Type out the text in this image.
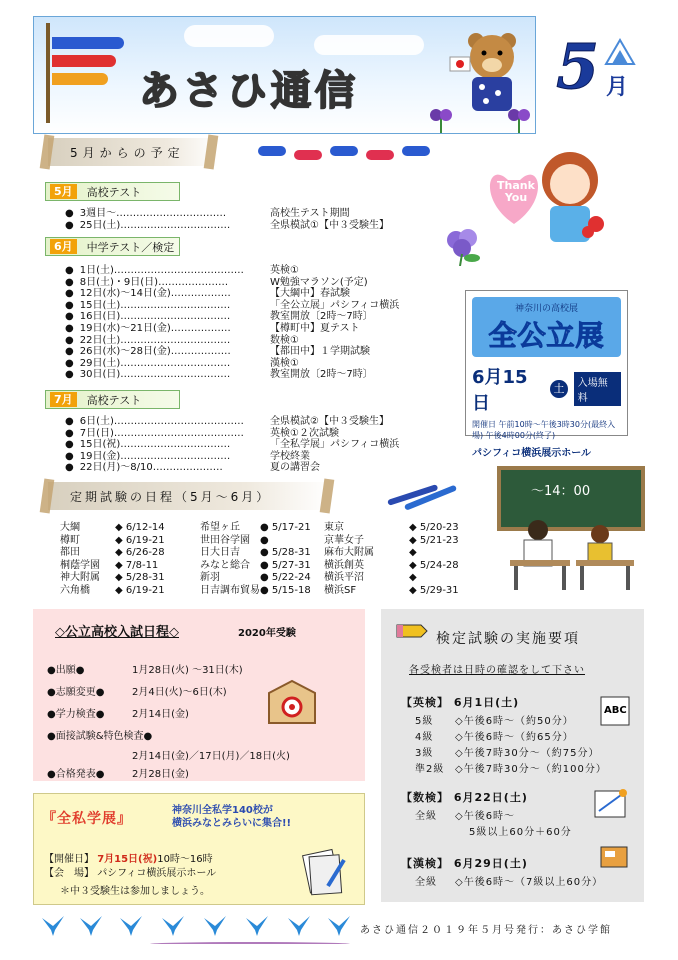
あさひ通信	5 月
5月からの予定
Thank You
5月	高校テスト
● 3週目〜……………………………	高校生テスト期間
● 25日(土)……………………………	全県模試①【中３受験生】
6月	中学テスト／検定
● 1日(土)…………………………………	英検①
● 8日(土)・9日(日)…………………	W勉強マラソン(予定)
● 12日(水)〜14日(金)………………	【大綱中】春試験
● 15日(土)……………………………	「全公立展」パシフィコ横浜
● 16日(日)……………………………	教室開放〔2時〜7時〕
● 19日(水)〜21日(金)………………	【樽町中】夏テスト
● 22日(土)……………………………	数検①
● 26日(水)〜28日(金)………………	【都田中】１学期試験
● 29日(土)……………………………	漢検①
● 30日(日)……………………………	教室開放〔2時〜7時〕
7月	高校テスト
● 6日(土)…………………………………	全県模試②【中３受験生】
● 7日(日)…………………………………	英検①２次試験
● 15日(祝)……………………………	「全私学展」パシフィコ横浜
● 19日(金)……………………………	学校終業
● 22日(月)〜8/10…………………	夏の講習会
神奈川の高校展
全公立展
6月15日
土	入場無料
開催日 午前10時〜午後3時30分(最終入場) 午後4時00分(終了)
パシフィコ横浜展示ホール
定期試験の日程（5月〜6月）	〜14：00
大綱	◆ 6/12-14	希望ヶ丘	● 5/17-21	東京	◆ 5/20-23
樽町	◆ 6/19-21	世田谷学園	●	京華女子	◆ 5/21-23
都田	◆ 6/26-28	日大日吉	● 5/28-31	麻布大附属	◆
桐蔭学園	◆ 7/8-11	みなと総合	● 5/27-31	横浜創英	◆ 5/24-28
神大附属	◆ 5/28-31	新羽	● 5/22-24	横浜平沼	◆
六角橋	◆ 6/19-21	日吉調布貿易 ● 5/15-18	横浜SF	◆ 5/29-31
◇公立高校入試日程◇	2020年受験
●出願●	1月28日(火) 〜31日(木)
●志願変更●	2月4日(火)〜6日(木)
●学力検査●	2月14日(金)
●面接試験&特色検査●
2月14日(金)／17日(月)／18日(火)
●合格発表●	2月28日(金)
『全私学展』
神奈川全私学140校が
横浜みなとみらいに集合!!
【開催日】 7月15日(祝)10時〜16時
【会　場】 パシフィコ横浜展示ホール
＊中３受験生は参加しましょう。
検定試験の実施要項
各受検者は日時の確認をして下さい
【英検】 6月1日(土)
5級 ◇午後6時〜（約50分）
4級 ◇午後6時〜（約65分）
3級 ◇午後7時30分〜（約75分）
準2級 ◇午後7時30分〜（約100分）
ABC
【数検】 6月22日(土)
全級 ◇午後6時〜
5級以上60分＋60分
【漢検】 6月29日(土)
全級 ◇午後6時〜（7級以上60分）
あさひ通信２０１９年５月号発行：あさひ学館
